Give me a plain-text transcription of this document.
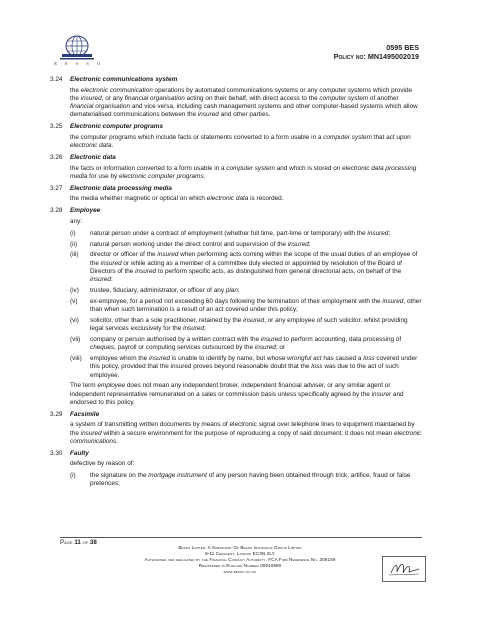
B E S S O
0595 BES
Policy no: MN1495002019
3.24 Electronic communications system

the electronic communication operations by automated communications systems or any computer systems which provide the insured, or any financial organisation acting on their behalf, with direct access to the computer system of another financial organisation and vice versa, including cash management systems and other computer-based systems which allow dematerialised communications between the insured and other parties.

3.25 Electronic computer programs

the computer programs which include facts or statements converted to a form usable in a computer system that act upon electronic data.

3.26 Electronic data

the facts or information converted to a form usable in a computer system and which is stored on electronic data processing media for use by electronic computer programs.

3.27 Electronic data processing media

the media whether magnetic or optical on which electronic data is recorded.

3.28 Employee

any:

(i) natural person under a contract of employment (whether full time, part-time or temporary) with the insured;
(ii) natural person working under the direct control and supervision of the insured;
(iii) director or officer of the insured when performing acts coming within the scope of the usual duties of an employee of the insured or while acting as a member of a committee duly elected or appointed by resolution of the Board of Directors of the insured to perform specific acts, as distinguished from general directorial acts, on behalf of the insured;
(iv) trustee, fiduciary, administrator, or officer of any plan;
(v) ex-employee, for a period not exceeding 60 days following the termination of their employment with the insured, other than when such termination is a result of an act covered under this policy;
(vi) solicitor, other than a sole practitioner, retained by the insured, or any employee of such solicitor, whilst providing legal services exclusively for the insured;
(vii) company or person authorised by a written contract with the insured to perform accounting, data processing of cheques, payroll or computing services outsourced by the insured; or
(viii) employee whom the insured is unable to identify by name, but whose wrongful act has caused a loss covered under this policy, provided that the insured proves beyond reasonable doubt that the loss was due to the act of such employee.

The term employee does not mean any independent broker, independent financial adviser, or any similar agent or independent representative remunerated on a sales or commission basis unless specifically agreed by the insurer and endorsed to this policy.

3.29 Facsimile

a system of transmitting written documents by means of electronic signal over telephone lines to equipment maintained by the insured within a secure environment for the purpose of reproducing a copy of said document; it does not mean electronic communications.

3.30 Faulty

defective by reason of:

(i) the signature on the mortgage instrument of any person having been obtained through trick, artifice, fraud or false pretences;
Page 11 of 38
Besso Limited. A Subsidiary Of Besso Insurance Group Limited
8-11 Crescent, London EC3N 2LY
Authorised and regulated by the Financial Conduct Authority. FCA Firm Reference No. 309159
Registered in England Number 00910880
www.besso.co.uk
